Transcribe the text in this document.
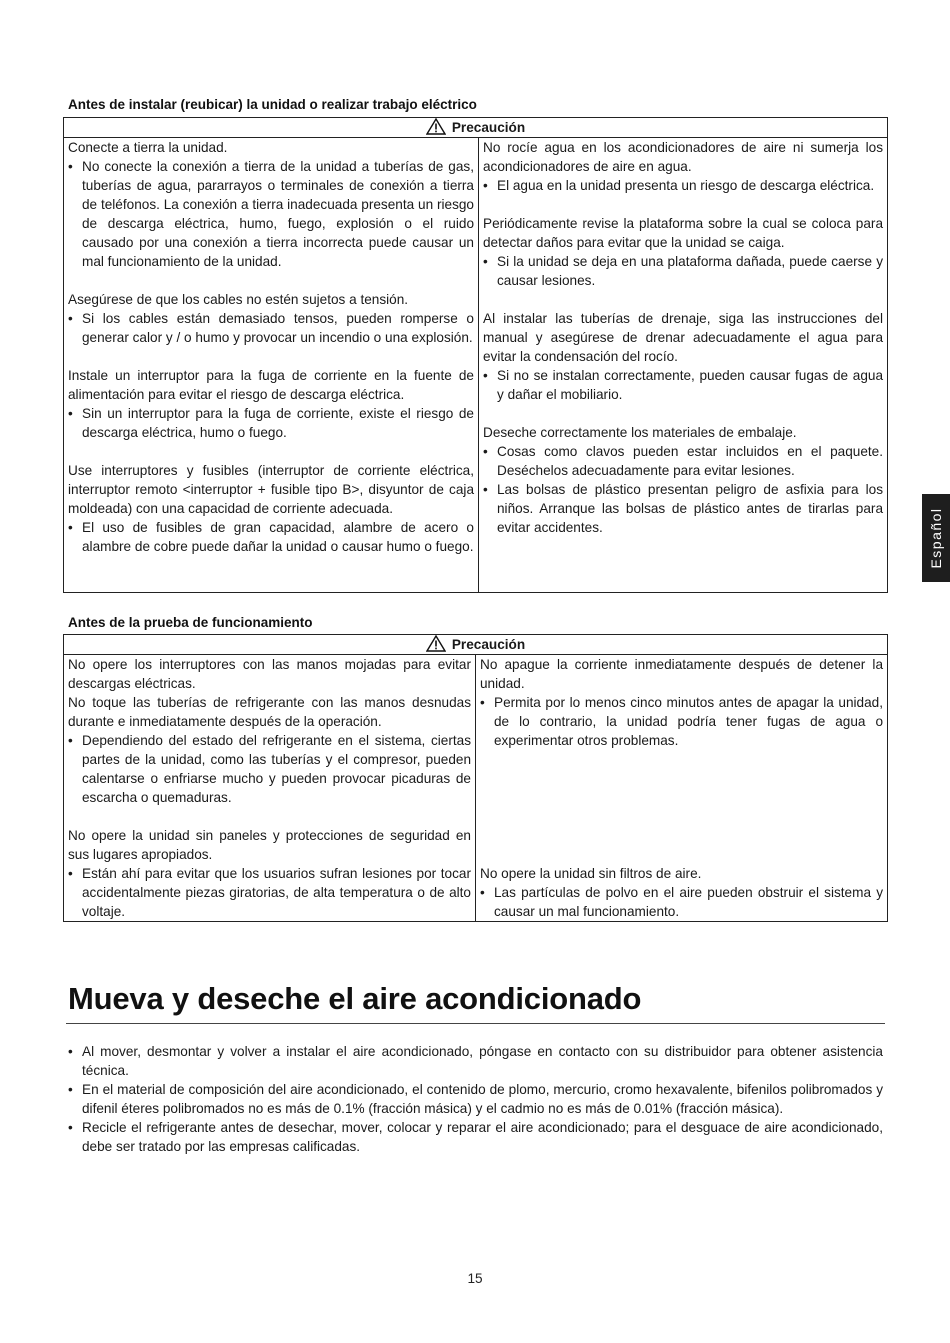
Antes de instalar (reubicar) la unidad o realizar trabajo eléctrico
Precaución

Conecte a tierra la unidad.

• No conecte la conexión a tierra de la unidad a tuberías de gas, tuberías de agua, pararrayos o terminales de conexión a tierra de teléfonos. La conexión a tierra inadecuada presenta un riesgo de descarga eléctrica, humo, fuego, explosión o el ruido causado por una conexión a tierra incorrecta puede causar un mal funcionamiento de la unidad.

Asegúrese de que los cables no estén sujetos a tensión.

• Si los cables están demasiado tensos, pueden romperse o generar calor y / o humo y provocar un incendio o una explosión.

Instale un interruptor para la fuga de corriente en la fuente de alimentación para evitar el riesgo de descarga eléctrica.

• Sin un interruptor para la fuga de corriente, existe el riesgo de descarga eléctrica, humo o fuego.

Use interruptores y fusibles (interruptor de corriente eléctrica, interruptor remoto <interruptor + fusible tipo B>, disyuntor de caja moldeada) con una capacidad de corriente adecuada.

• El uso de fusibles de gran capacidad, alambre de acero o alambre de cobre puede dañar la unidad o causar humo o fuego.

No rocíe agua en los acondicionadores de aire ni sumerja los acondicionadores de aire en agua.

• El agua en la unidad presenta un riesgo de descarga eléctrica.

Periódicamente revise la plataforma sobre la cual se coloca para detectar daños para evitar que la unidad se caiga.

• Si la unidad se deja en una plataforma dañada, puede caerse y causar lesiones.

Al instalar las tuberías de drenaje, siga las instrucciones del manual y asegúrese de drenar adecuadamente el agua para evitar la condensación del rocío.

• Si no se instalan correctamente, pueden causar fugas de agua y dañar el mobiliario.

Deseche correctamente los materiales de embalaje.

• Cosas como clavos pueden estar incluidos en el paquete. Deséchelos adecuadamente para evitar lesiones.

• Las bolsas de plástico presentan peligro de asfixia para los niños. Arranque las bolsas de plástico antes de tirarlas para evitar accidentes.

Antes de la prueba de funcionamiento
Precaución

No opere los interruptores con las manos mojadas para evitar descargas eléctricas.

No toque las tuberías de refrigerante con las manos desnudas durante e inmediatamente después de la operación.

• Dependiendo del estado del refrigerante en el sistema, ciertas partes de la unidad, como las tuberías y el compresor, pueden calentarse o enfriarse mucho y pueden provocar picaduras de escarcha o quemaduras.

No opere la unidad sin paneles y protecciones de seguridad en sus lugares apropiados.

• Están ahí para evitar que los usuarios sufran lesiones por tocar accidentalmente piezas giratorias, de alta temperatura o de alto voltaje.

No apague la corriente inmediatamente después de detener la unidad.

• Permita por lo menos cinco minutos antes de apagar la unidad, de lo contrario, la unidad podría tener fugas de agua o experimentar otros problemas.

No opere la unidad sin filtros de aire.

• Las partículas de polvo en el aire pueden obstruir el sistema y causar un mal funcionamiento.

Mueva y deseche el aire acondicionado

• Al mover, desmontar y volver a instalar el aire acondicionado, póngase en contacto con su distribuidor para obtener asistencia técnica.

• En el material de composición del aire acondicionado, el contenido de plomo, mercurio, cromo hexavalente, bifenilos polibromados y difenil éteres polibromados no es más de 0.1% (fracción másica) y el cadmio no es más de 0.01% (fracción másica).

• Recicle el refrigerante antes de desechar, mover, colocar y reparar el aire acondicionado; para el desguace de aire acondicionado, debe ser tratado por las empresas calificadas.

15
Español
